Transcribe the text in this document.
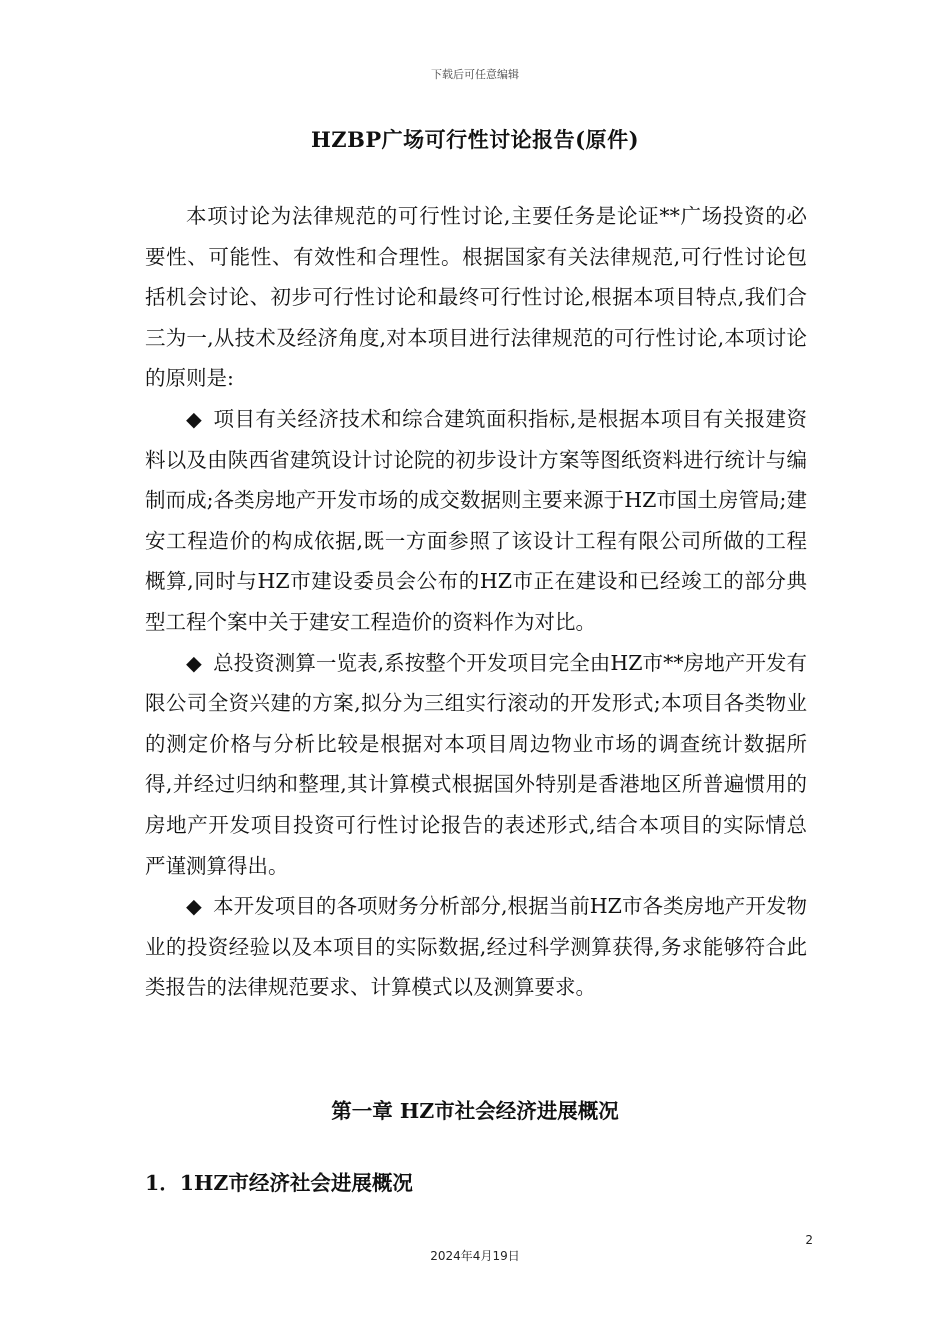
下载后可任意编辑
HZBP广场可行性讨论报告(原件)

本项讨论为法律规范的可行性讨论,主要任务是论证**广场投资的必要性、可能性、有效性和合理性。根据国家有关法律规范,可行性讨论包括机会讨论、初步可行性讨论和最终可行性讨论,根据本项目特点,我们合三为一,从技术及经济角度,对本项目进行法律规范的可行性讨论,本项讨论的原则是:

◆ 项目有关经济技术和综合建筑面积指标,是根据本项目有关报建资料以及由陕西省建筑设计讨论院的初步设计方案等图纸资料进行统计与编制而成;各类房地产开发市场的成交数据则主要来源于HZ市国土房管局;建安工程造价的构成依据,既一方面参照了该设计工程有限公司所做的工程概算,同时与HZ市建设委员会公布的HZ市正在建设和已经竣工的部分典型工程个案中关于建安工程造价的资料作为对比。

◆ 总投资测算一览表,系按整个开发项目完全由HZ市**房地产开发有限公司全资兴建的方案,拟分为三组实行滚动的开发形式;本项目各类物业的测定价格与分析比较是根据对本项目周边物业市场的调查统计数据所得,并经过归纳和整理,其计算模式根据国外特别是香港地区所普遍惯用的房地产开发项目投资可行性讨论报告的表述形式,结合本项目的实际情总严谨测算得出。

◆ 本开发项目的各项财务分析部分,根据当前HZ市各类房地产开发物业的投资经验以及本项目的实际数据,经过科学测算获得,务求能够符合此类报告的法律规范要求、计算模式以及测算要求。

第一章 HZ市社会经济进展概况
1．1HZ市经济社会进展概况
2
2024年4月19日
